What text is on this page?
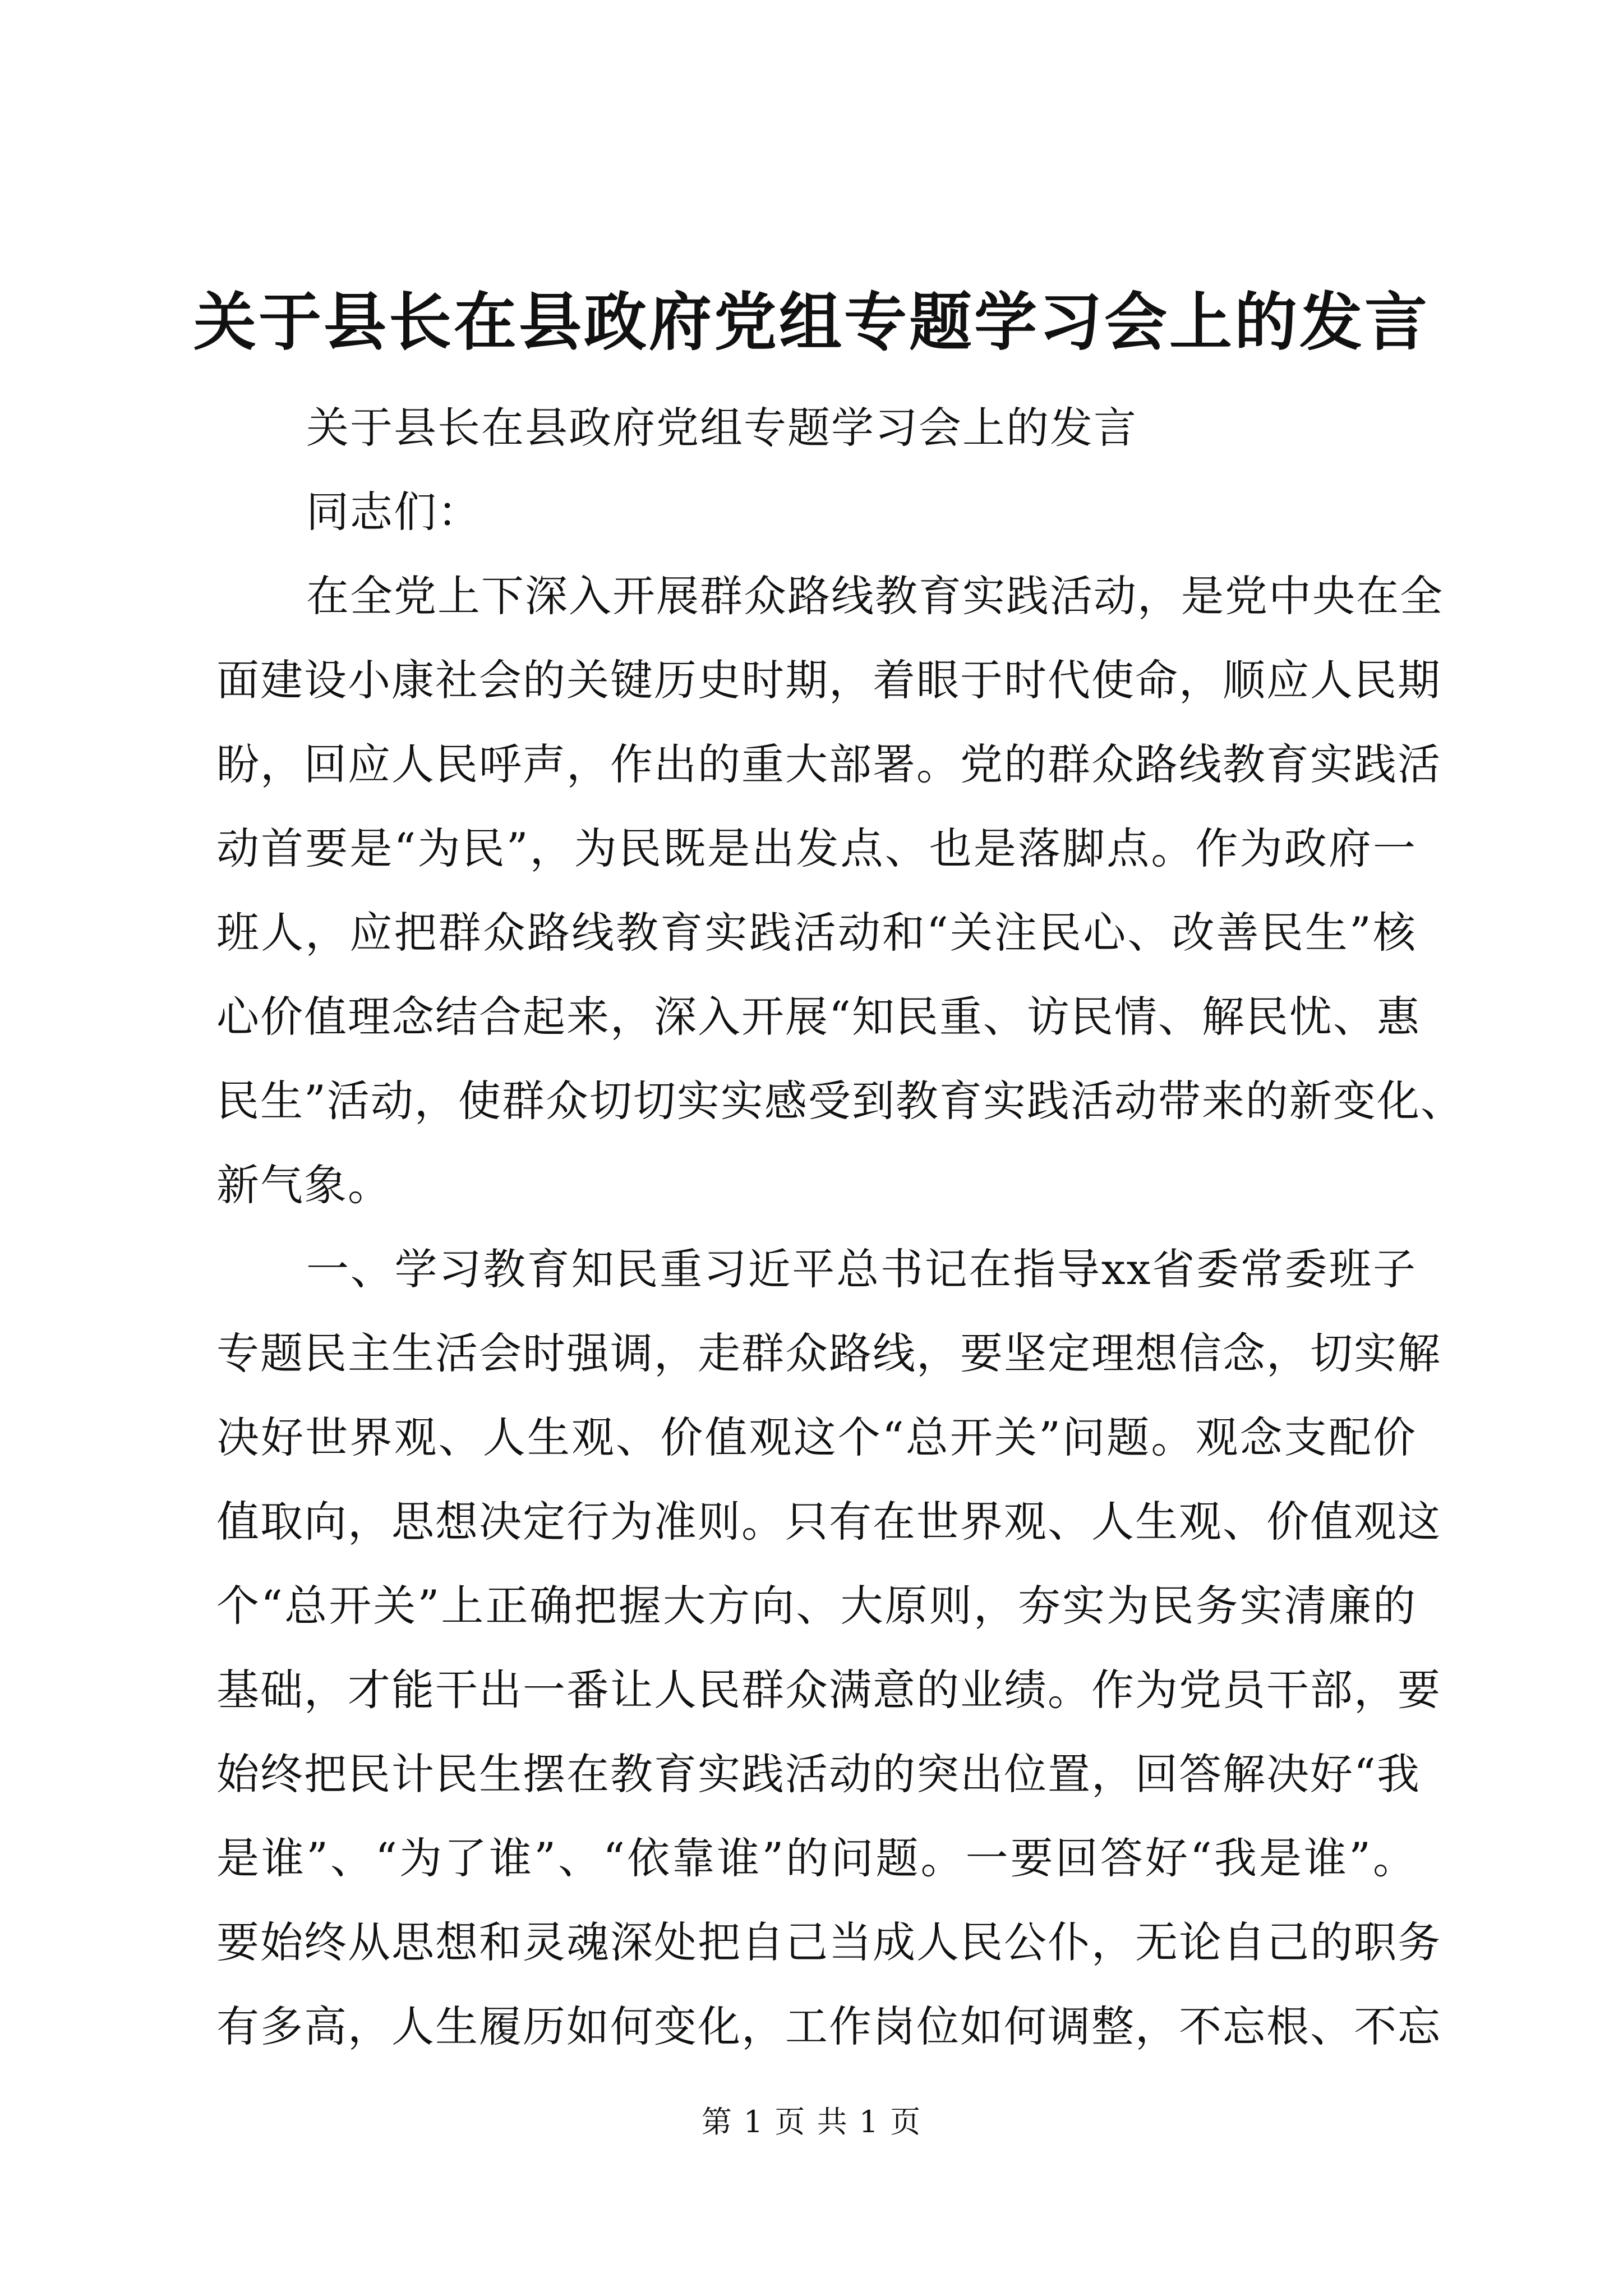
关于县长在县政府党组专题学习会上的发言
关于县长在县政府党组专题学习会上的发言
同志们：
在全党上下深入开展群众路线教育实践活动，是党中央在全
面建设小康社会的关键历史时期，着眼于时代使命，顺应人民期
盼，回应人民呼声，作出的重大部署。党的群众路线教育实践活
动首要是“为民”，为民既是出发点、也是落脚点。作为政府一
班人，应把群众路线教育实践活动和“关注民心、改善民生”核
心价值理念结合起来，深入开展“知民重、访民情、解民忧、惠
民生”活动，使群众切切实实感受到教育实践活动带来的新变化、
新气象。
一、学习教育知民重习近平总书记在指导xx省委常委班子
专题民主生活会时强调，走群众路线，要坚定理想信念，切实解
决好世界观、人生观、价值观这个“总开关”问题。观念支配价
值取向，思想决定行为准则。只有在世界观、人生观、价值观这
个“总开关”上正确把握大方向、大原则，夯实为民务实清廉的
基础，才能干出一番让人民群众满意的业绩。作为党员干部，要
始终把民计民生摆在教育实践活动的突出位置，回答解决好“我
是谁”、“为了谁”、“依靠谁”的问题。一要回答好“我是谁”。
要始终从思想和灵魂深处把自己当成人民公仆，无论自己的职务
有多高，人生履历如何变化，工作岗位如何调整，不忘根、不忘
第 1 页 共 1 页
